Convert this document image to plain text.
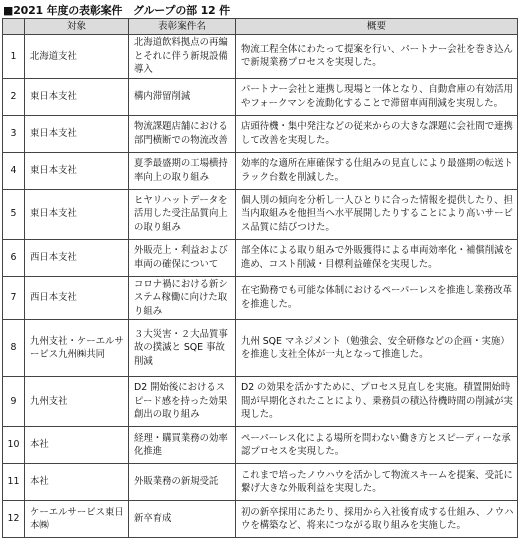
■2021 年度の表彰案件　グループの部 12 件
	対象	表彰案件名	概要
1	北海道支社	北海道飲料拠点の再編とそれに伴う新規設備導入	物流工程全体にわたって提案を行い、パートナー会社を巻き込んで新規業務プロセスを実現した。
2	東日本支社	構内滞留削減	パートナー会社と連携し現場と一体となり、自動倉庫の有効活用やフォークマンを流動化することで滞留車両削減を実現した。
3	東日本支社	物流課題店舗における部門横断での物流改善	店頭待機・集中発注などの従来からの大きな課題に会社間で連携して改善を実現した。
4	東日本支社	夏季最盛期の工場横持率向上の取り組み	効率的な適所在庫確保する仕組みの見直しにより最盛期の転送トラック台数を削減した。
5	東日本支社	ヒヤリハットデータを活用した受注品質向上の取り組み	個人別の傾向を分析し一人ひとりに合った情報を提供したり、担当内取組みを他担当へ水平展開したりすることにより高いサービス品質に結びつけた。
6	西日本支社	外販売上・利益および車両の確保について	部全体による取り組みで外販獲得による車両効率化・補償削減を進め、コスト削減・目標利益確保を実現した。
7	西日本支社	コロナ禍における新システム稼働に向けた取り組み	在宅勤務でも可能な体制におけるペーパーレスを推進し業務改革を推進した。
8	九州支社・ケーエルサービス九州㈱共同	３大災害・２大品質事故の撲滅と SQE 事故削減	九州 SQE マネジメント（勉強会、安全研修などの企画・実施）を推進し支社全体が一丸となって推進した。
9	九州支社	D2 開始後におけるスピード感を持った効果創出の取り組み	D2 の効果を活かすために、プロセス見直しを実施。積置開始時間が早期化されたことにより、乗務員の積込待機時間の削減が実現した。
10	本社	経理・購買業務の効率化推進	ペーパーレス化による場所を問わない働き方とスピーディーな承認プロセスを実現した。
11	本社	外販業務の新規受託	これまで培ったノウハウを活かして物流スキームを提案、受託に繋げ大きな外販利益を実現した。
12	ケーエルサービス東日本㈱	新卒育成	初の新卒採用にあたり、採用から入社後育成する仕組み、ノウハウを構築など、将来につながる取り組みを実施した。
